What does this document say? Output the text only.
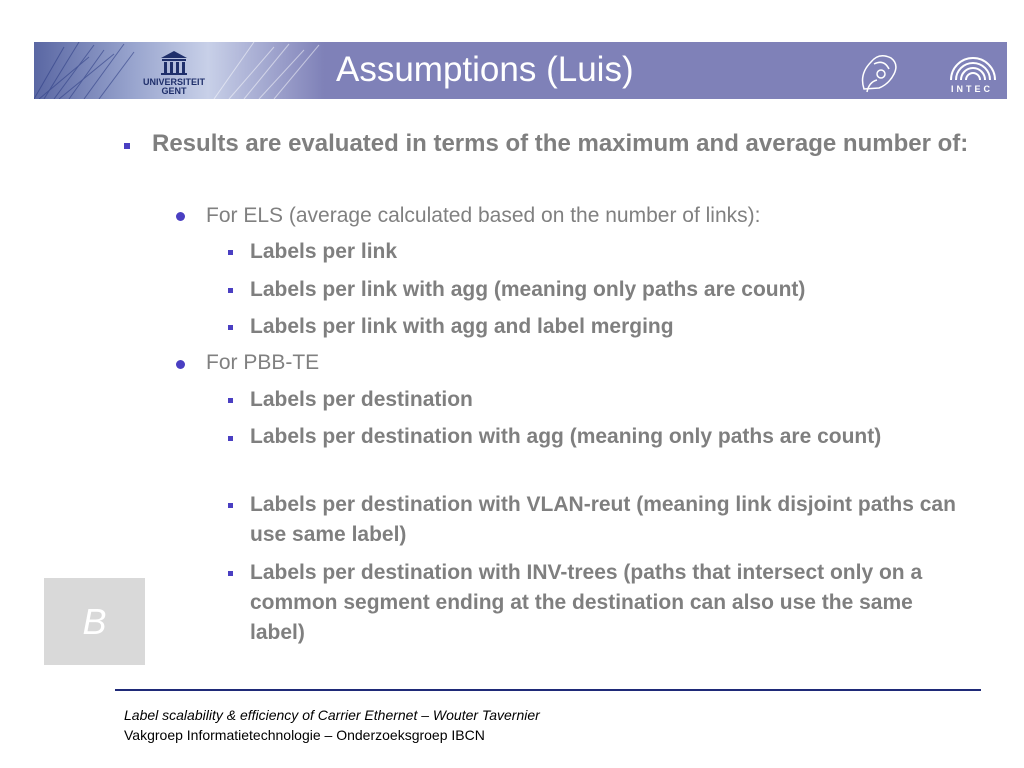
UNIVERSITEIT GENT
Assumptions (Luis)	INTEC
Results are evaluated in terms of the maximum and average number of:
For ELS (average calculated based on the number of links):
Labels per link
Labels per link with agg (meaning only paths are count)
Labels per link with agg and label merging
For PBB-TE
Labels per destination
Labels per destination with agg (meaning only paths are count)
Labels per destination with VLAN-reut (meaning link disjoint paths can use same label)
Labels per destination with INV-trees (paths that intersect only on a common segment ending at the destination can also use the same label)
B
Label scalability & efficiency of Carrier Ethernet – Wouter Tavernier
Vakgroep Informatietechnologie – Onderzoeksgroep IBCN
